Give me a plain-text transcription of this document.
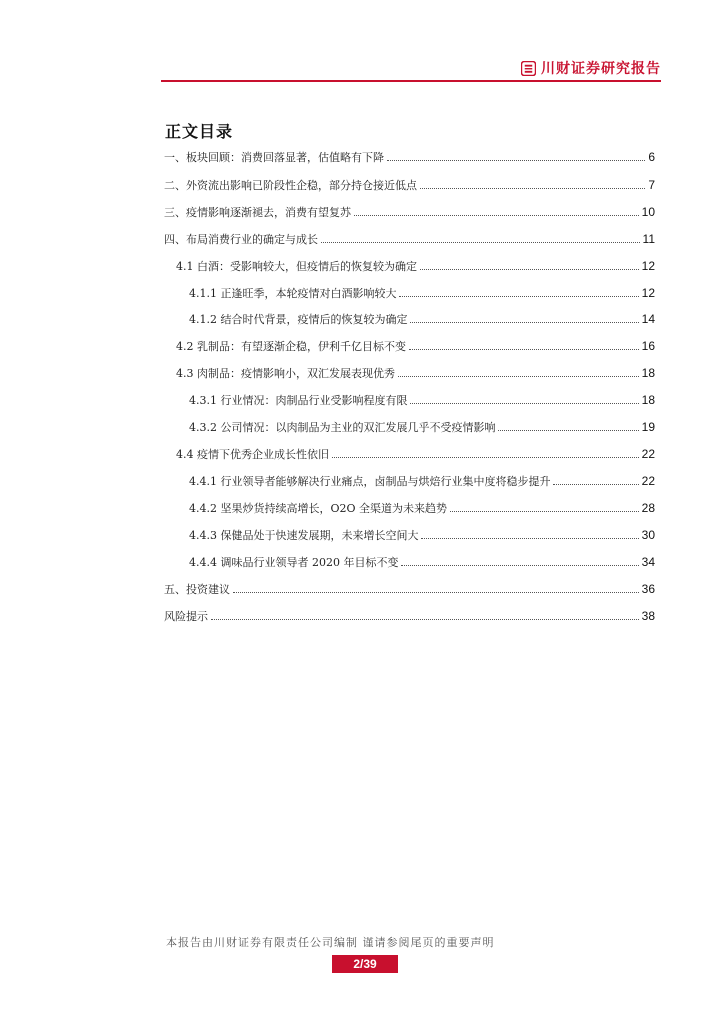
川财证券研究报告
正文目录
一、板块回顾：消费回落显著，估值略有下降	6
二、外资流出影响已阶段性企稳，部分持仓接近低点	7
三、疫情影响逐渐褪去，消费有望复苏	10
四、布局消费行业的确定与成长	11
4.1 白酒：受影响较大，但疫情后的恢复较为确定	12
4.1.1 正逢旺季，本轮疫情对白酒影响较大	12
4.1.2 结合时代背景，疫情后的恢复较为确定	14
4.2 乳制品：有望逐渐企稳，伊利千亿目标不变	16
4.3 肉制品：疫情影响小，双汇发展表现优秀	18
4.3.1 行业情况：肉制品行业受影响程度有限	18
4.3.2 公司情况：以肉制品为主业的双汇发展几乎不受疫情影响	19
4.4 疫情下优秀企业成长性依旧	22
4.4.1 行业领导者能够解决行业痛点，卤制品与烘焙行业集中度将稳步提升	22
4.4.2 坚果炒货持续高增长，O2O 全渠道为未来趋势	28
4.4.3 保健品处于快速发展期，未来增长空间大	30
4.4.4 调味品行业领导者 2020 年目标不变	34
五、投资建议	36
风险提示	38
本报告由川财证券有限责任公司编制 谨请参阅尾页的重要声明
2/39
